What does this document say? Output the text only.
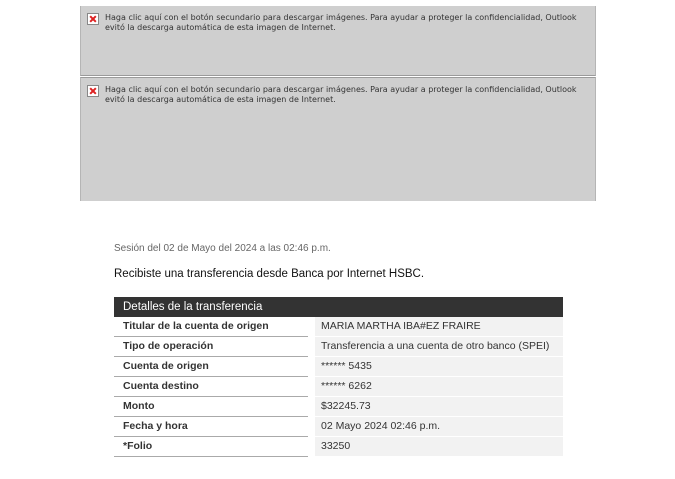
Haga clic aquí con el botón secundario para descargar imágenes. Para ayudar a proteger la confidencialidad, Outlook evitó la descarga automática de esta imagen de Internet.
Haga clic aquí con el botón secundario para descargar imágenes. Para ayudar a proteger la confidencialidad, Outlook evitó la descarga automática de esta imagen de Internet.
Sesión del 02 de Mayo del 2024 a las 02:46 p.m.
Recibiste una transferencia desde Banca por Internet HSBC.
Detalles de la transferencia
Titular de la cuenta de origen	MARIA MARTHA IBA#EZ FRAIRE
Tipo de operación	Transferencia a una cuenta de otro banco (SPEI)
Cuenta de origen	****** 5435
Cuenta destino	****** 6262
Monto	$32245.73
Fecha y hora	02 Mayo 2024 02:46 p.m.
*Folio	33250
